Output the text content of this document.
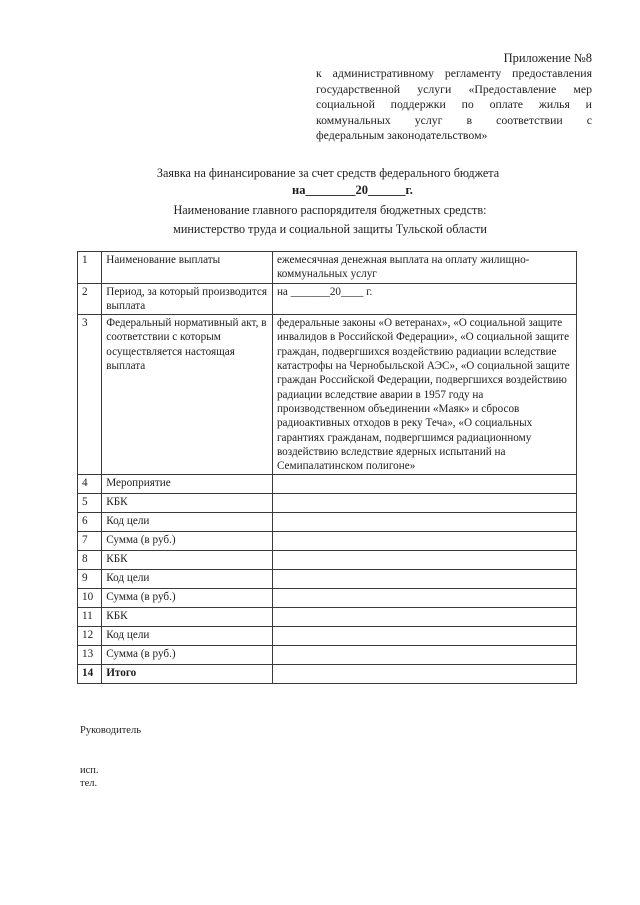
Приложение №8
к административному регламенту предоставления
государственной услуги «Предоставление мер
социальной поддержки по оплате жилья и
коммунальных услуг в соответствии с
федеральным законодательством»
Заявка на финансирование за счет средств федерального бюджета
на________20______г.
Наименование главного распорядителя бюджетных средств:
министерство труда и социальной защиты Тульской области
1	Наименование выплаты	ежемесячная денежная выплата на оплату жилищно-коммунальных услуг
2	Период, за который производится выплата	на _______20____ г.
3	Федеральный нормативный акт, в соответствии с которым осуществляется настоящая выплата	федеральные законы «О ветеранах», «О социальной защите инвалидов в Российской Федерации», «О социальной защите граждан, подвергшихся воздействию радиации вследствие катастрофы на Чернобыльской АЭС», «О социальной защите граждан Российской Федерации, подвергшихся воздействию радиации вследствие аварии в 1957 году на производственном объединении «Маяк» и сбросов радиоактивных отходов в реку Теча», «О социальных гарантиях гражданам, подвергшимся радиационному воздействию вследствие ядерных испытаний на Семипалатинском полигоне»
4	Мероприятие	
5	КБК	
6	Код цели	
7	Сумма (в руб.)	
8	КБК	
9	Код цели	
10	Сумма (в руб.)	
11	КБК	
12	Код цели	
13	Сумма (в руб.)	
14	Итого	
Руководитель
исп.
тел.
